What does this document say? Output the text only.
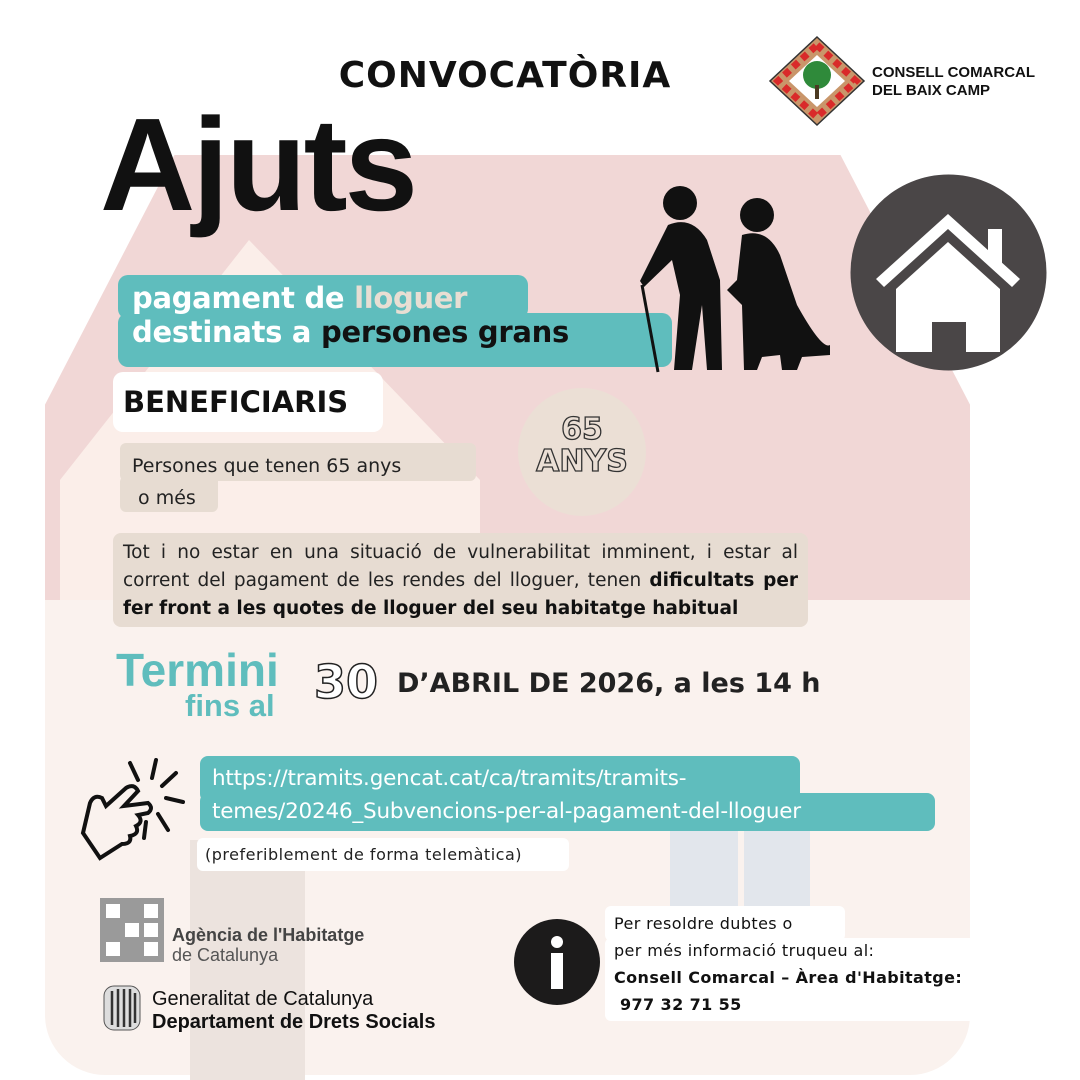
CONVOCATÒRIA	CONSELL COMARCAL
DEL BAIX CAMP
Ajuts
pagament de lloguer
destinats a persones grans
BENEFICIARIS
65
ANYS
Persones que tenen 65 anys
o més
Tot i no estar en una situació de vulnerabilitat imminent, i estar al corrent del pagament de les rendes del lloguer, tenen dificultats per fer front a les quotes de lloguer del seu habitatge habitual
Termini
fins al 30 D’ABRIL DE 2026, a les 14 h
https://tramits.gencat.cat/ca/tramits/tramits-
temes/20246_Subvencions-per-al-pagament-del-lloguer
(preferiblement de forma telemàtica)
Agència de l'Habitatge
de Catalunya
Generalitat de Catalunya
Departament de Drets Socials
Per resoldre dubtes o
per més informació truqueu al:
Consell Comarcal – Àrea d'Habitatge:
977 32 71 55
